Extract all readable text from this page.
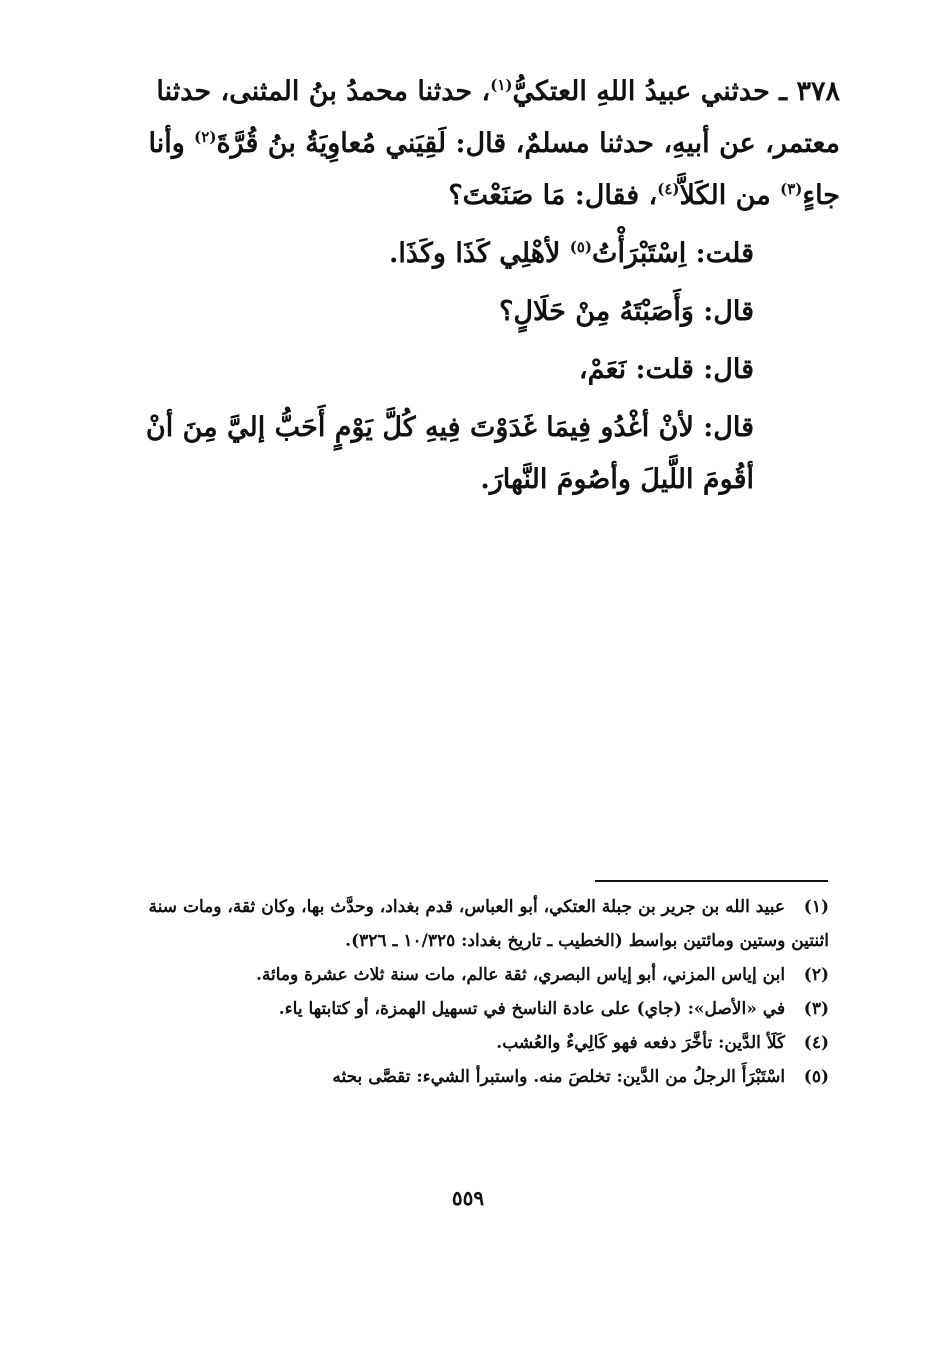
٣٧٨ ـ حدثني عبيدُ اللهِ العتكيُّ$^{(١)}$، حدثنا محمدُ بنُ المثنى، حدثنا معتمر، عن أبيهِ، حدثنا مسلمٌ، قال: لَقِيَني مُعاوِيَةُ بنُ قُرَّةَ$^{(٢)}$ وأنا جاءٍ$^{(٣)}$ من الكَلاَّ$^{(٤)}$، فقال: مَا صَنَعْتَ؟

قلت: اِسْتَبْرَأْتُ$^{(٥)}$ لأهْلِي كَذَا وكَذَا.

قال: وَأَصَبْتَهُ مِنْ حَلَالٍ؟

قال: قلت: نَعَمْ،

قال: لأنْ أغْدُو فِيمَا غَدَوْتَ فِيهِ كُلَّ يَوْمٍ أَحَبُّ إليَّ مِنَ أنْ أقُومَ اللَّيلَ وأصُومَ النَّهارَ.

(١) عبيد الله بن جرير بن جبلة العتكي، أبو العباس، قدم بغداد، وحدَّث بها، وكان ثقة، ومات سنة اثنتين وستين ومائتين بواسط (الخطيب ـ تاريخ بغداد: ١٠/٣٢٥ ـ ٣٢٦).

(٢) ابن إياس المزني، أبو إياس البصري، ثقة عالم، مات سنة ثلاث عشرة ومائة.

(٣) في «الأصل»: (جاي) على عادة الناسخ في تسهيل الهمزة، أو كتابتها ياء.

(٤) كَلَأ الدَّين: تأخَّرَ دفعه فهو كَالِيءٌ والعُشب.

(٥) اسْتَبْرَأَ الرجلُ من الدَّين: تخلصَ منه. واستبرأ الشيء: تقصَّى بحثه

٥٥٩
